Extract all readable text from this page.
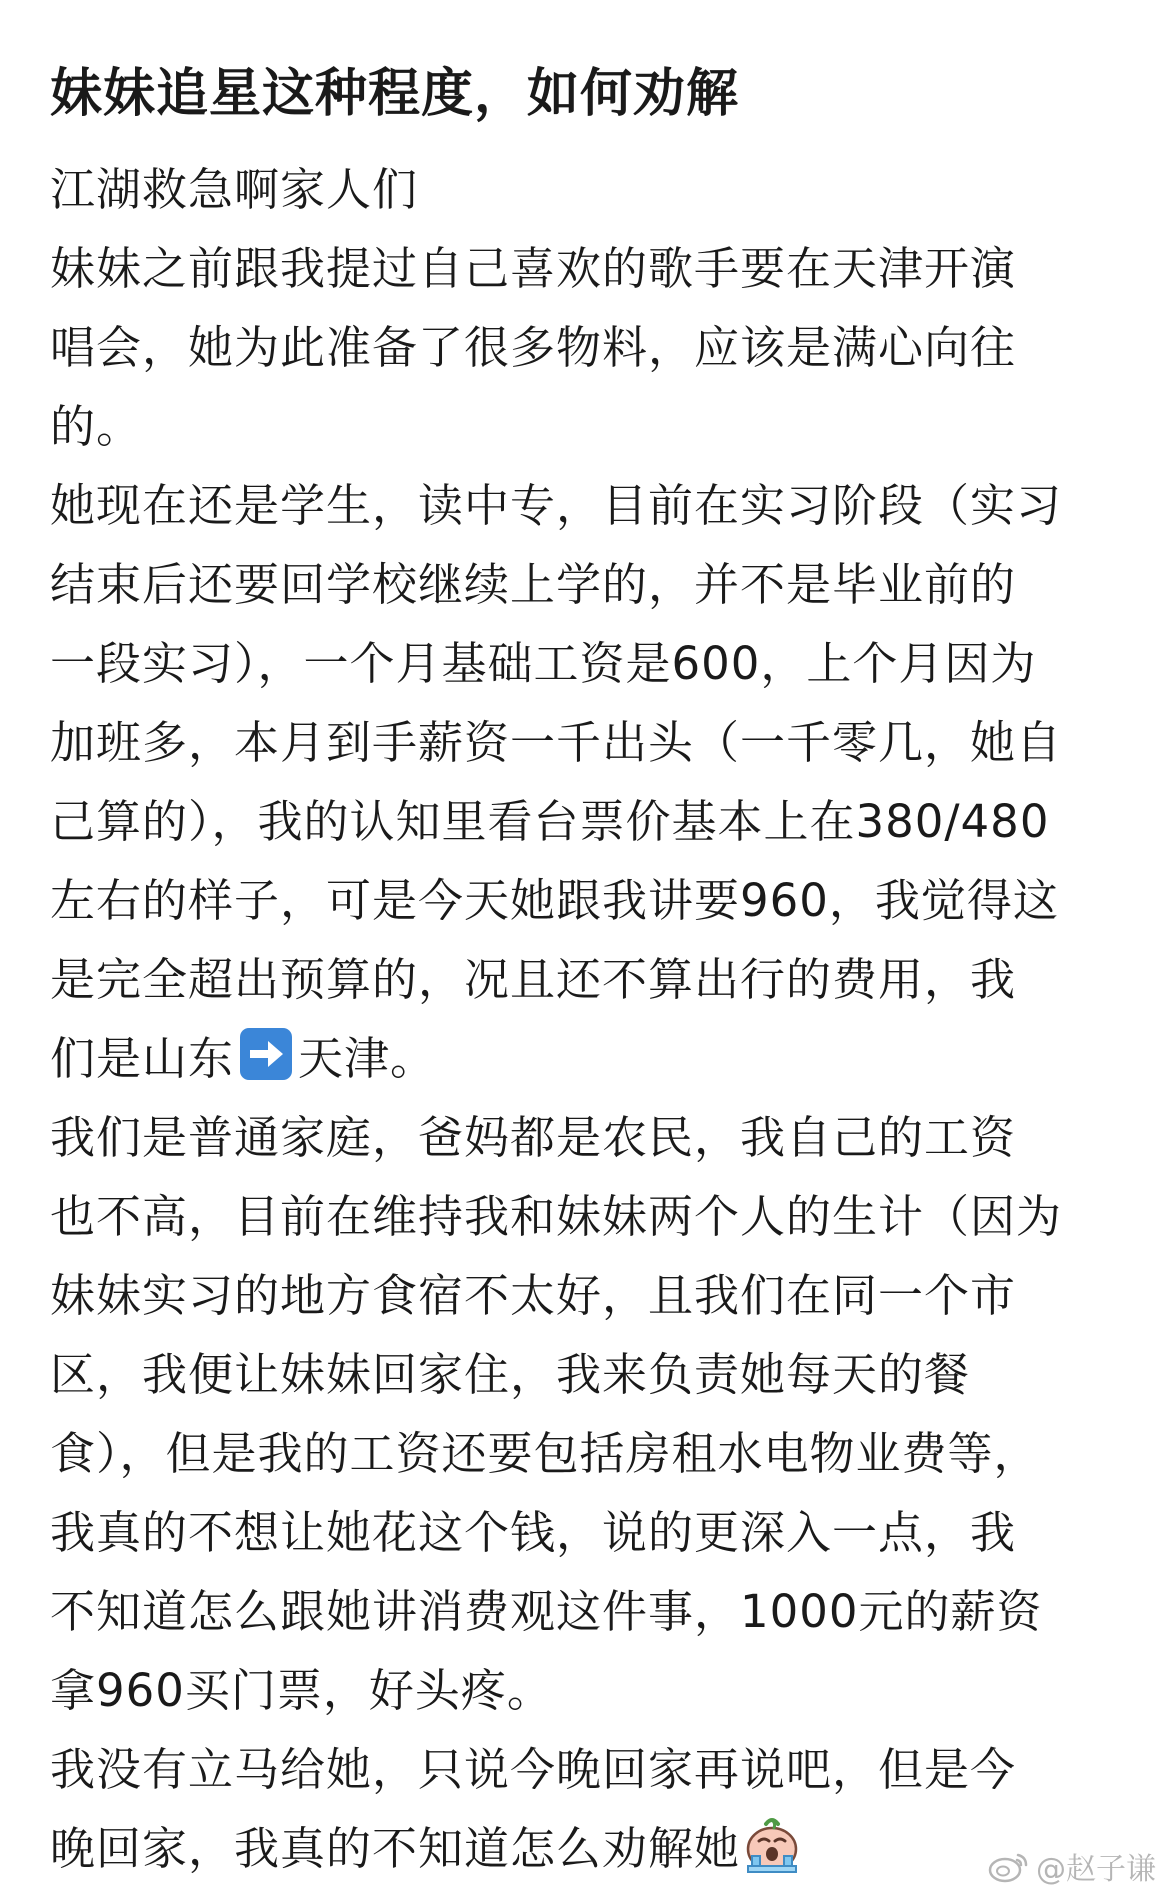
妹妹追星这种程度，如何劝解
江湖救急啊家人们
妹妹之前跟我提过自己喜欢的歌手要在天津开演
唱会，她为此准备了很多物料，应该是满心向往
的。
她现在还是学生，读中专，目前在实习阶段（实习
结束后还要回学校继续上学的，并不是毕业前的
一段实习），一个月基础工资是600，上个月因为
加班多，本月到手薪资一千出头（一千零几，她自
己算的），我的认知里看台票价基本上在380/480
左右的样子，可是今天她跟我讲要960，我觉得这
是完全超出预算的，况且还不算出行的费用，我
们是山东 天津。
我们是普通家庭，爸妈都是农民，我自己的工资
也不高，目前在维持我和妹妹两个人的生计（因为
妹妹实习的地方食宿不太好，且我们在同一个市
区，我便让妹妹回家住，我来负责她每天的餐
食），但是我的工资还要包括房租水电物业费等，
我真的不想让她花这个钱，说的更深入一点，我
不知道怎么跟她讲消费观这件事，1000元的薪资
拿960买门票，好头疼。
我没有立马给她，只说今晚回家再说吧，但是今
晚回家，我真的不知道怎么劝解她	@赵子谦
